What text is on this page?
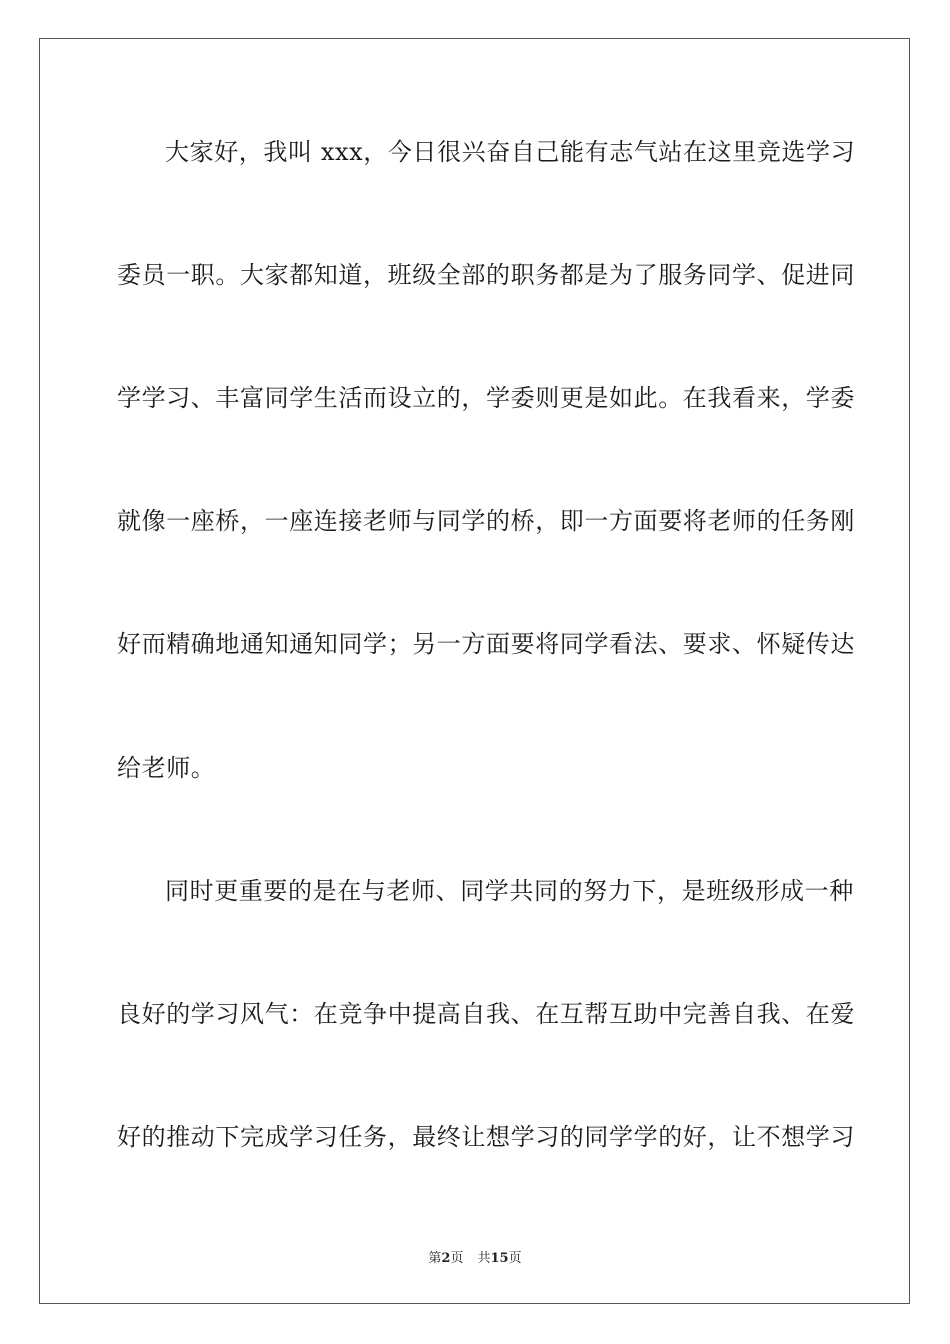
大家好，我叫 xxx，今日很兴奋自己能有志气站在这里竞选学习
委员一职。大家都知道，班级全部的职务都是为了服务同学、促进同
学学习、丰富同学生活而设立的，学委则更是如此。在我看来，学委
就像一座桥，一座连接老师与同学的桥，即一方面要将老师的任务刚
好而精确地通知通知同学；另一方面要将同学看法、要求、怀疑传达
给老师。
同时更重要的是在与老师、同学共同的努力下，是班级形成一种
良好的学习风气：在竞争中提高自我、在互帮互助中完善自我、在爱
好的推动下完成学习任务，最终让想学习的同学学的好，让不想学习
第2页 共15页
